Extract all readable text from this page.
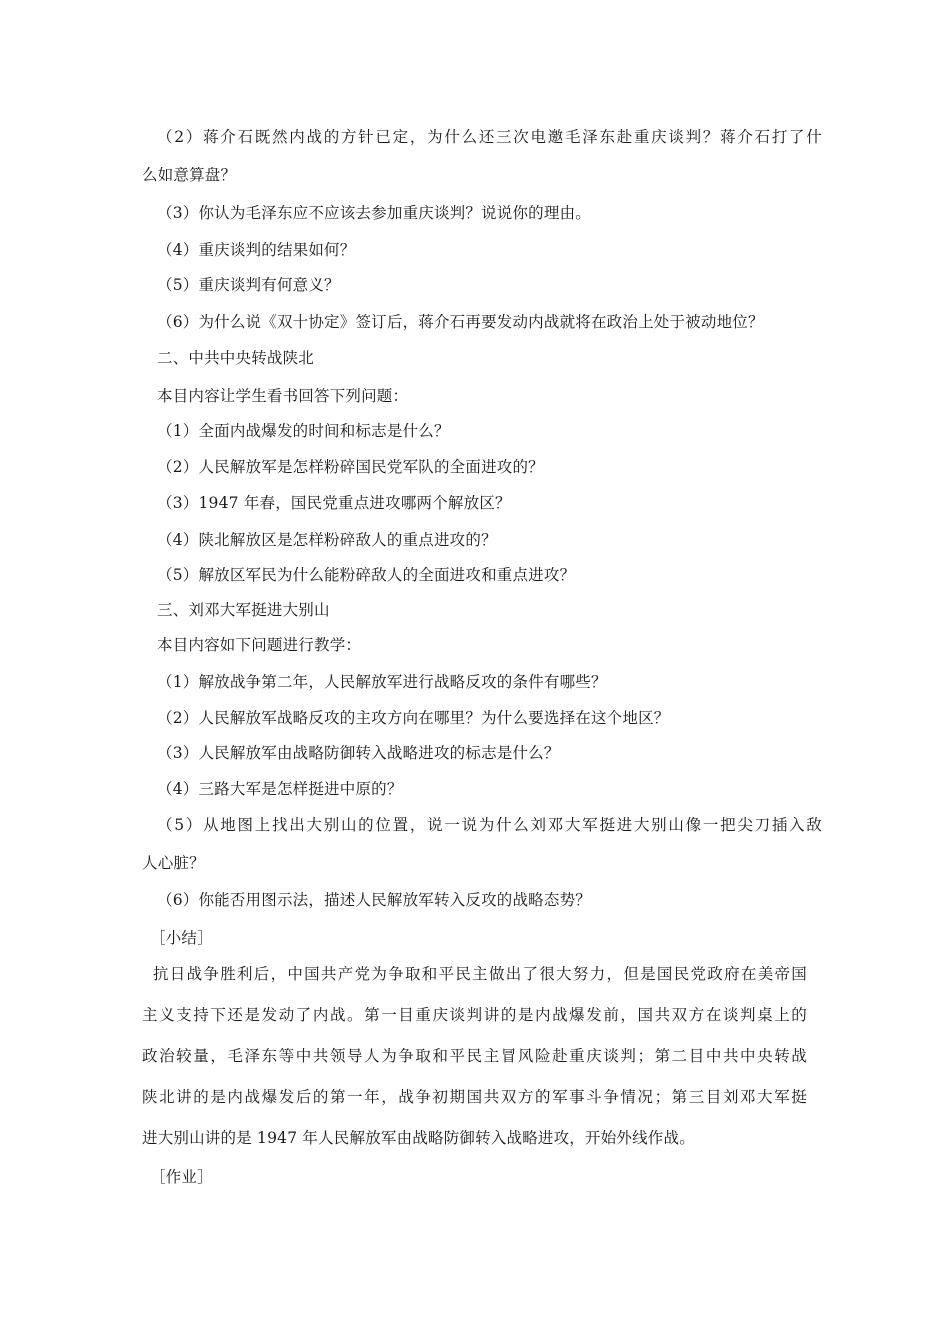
（2）蒋介石既然内战的方针已定，为什么还三次电邀毛泽东赴重庆谈判？蒋介石打了什
么如意算盘？
（3）你认为毛泽东应不应该去参加重庆谈判？说说你的理由。
（4）重庆谈判的结果如何？
（5）重庆谈判有何意义？
（6）为什么说《双十协定》签订后，蒋介石再要发动内战就将在政治上处于被动地位？
二、中共中央转战陕北
本目内容让学生看书回答下列问题：
（1）全面内战爆发的时间和标志是什么？
（2）人民解放军是怎样粉碎国民党军队的全面进攻的？
（3）1947 年春，国民党重点进攻哪两个解放区？
（4）陕北解放区是怎样粉碎敌人的重点进攻的？
（5）解放区军民为什么能粉碎敌人的全面进攻和重点进攻？
三、刘邓大军挺进大别山
本目内容如下问题进行教学：
（1）解放战争第二年，人民解放军进行战略反攻的条件有哪些？
（2）人民解放军战略反攻的主攻方向在哪里？为什么要选择在这个地区？
（3）人民解放军由战略防御转入战略进攻的标志是什么？
（4）三路大军是怎样挺进中原的？
（5）从地图上找出大别山的位置，说一说为什么刘邓大军挺进大别山像一把尖刀插入敌
人心脏？
（6）你能否用图示法，描述人民解放军转入反攻的战略态势？
［小结］
抗日战争胜利后，中国共产党为争取和平民主做出了很大努力，但是国民党政府在美帝国
主义支持下还是发动了内战。第一目重庆谈判讲的是内战爆发前，国共双方在谈判桌上的
政治较量，毛泽东等中共领导人为争取和平民主冒风险赴重庆谈判；第二目中共中央转战
陕北讲的是内战爆发后的第一年，战争初期国共双方的军事斗争情况；第三目刘邓大军挺
进大别山讲的是 1947 年人民解放军由战略防御转入战略进攻，开始外线作战。
［作业］
